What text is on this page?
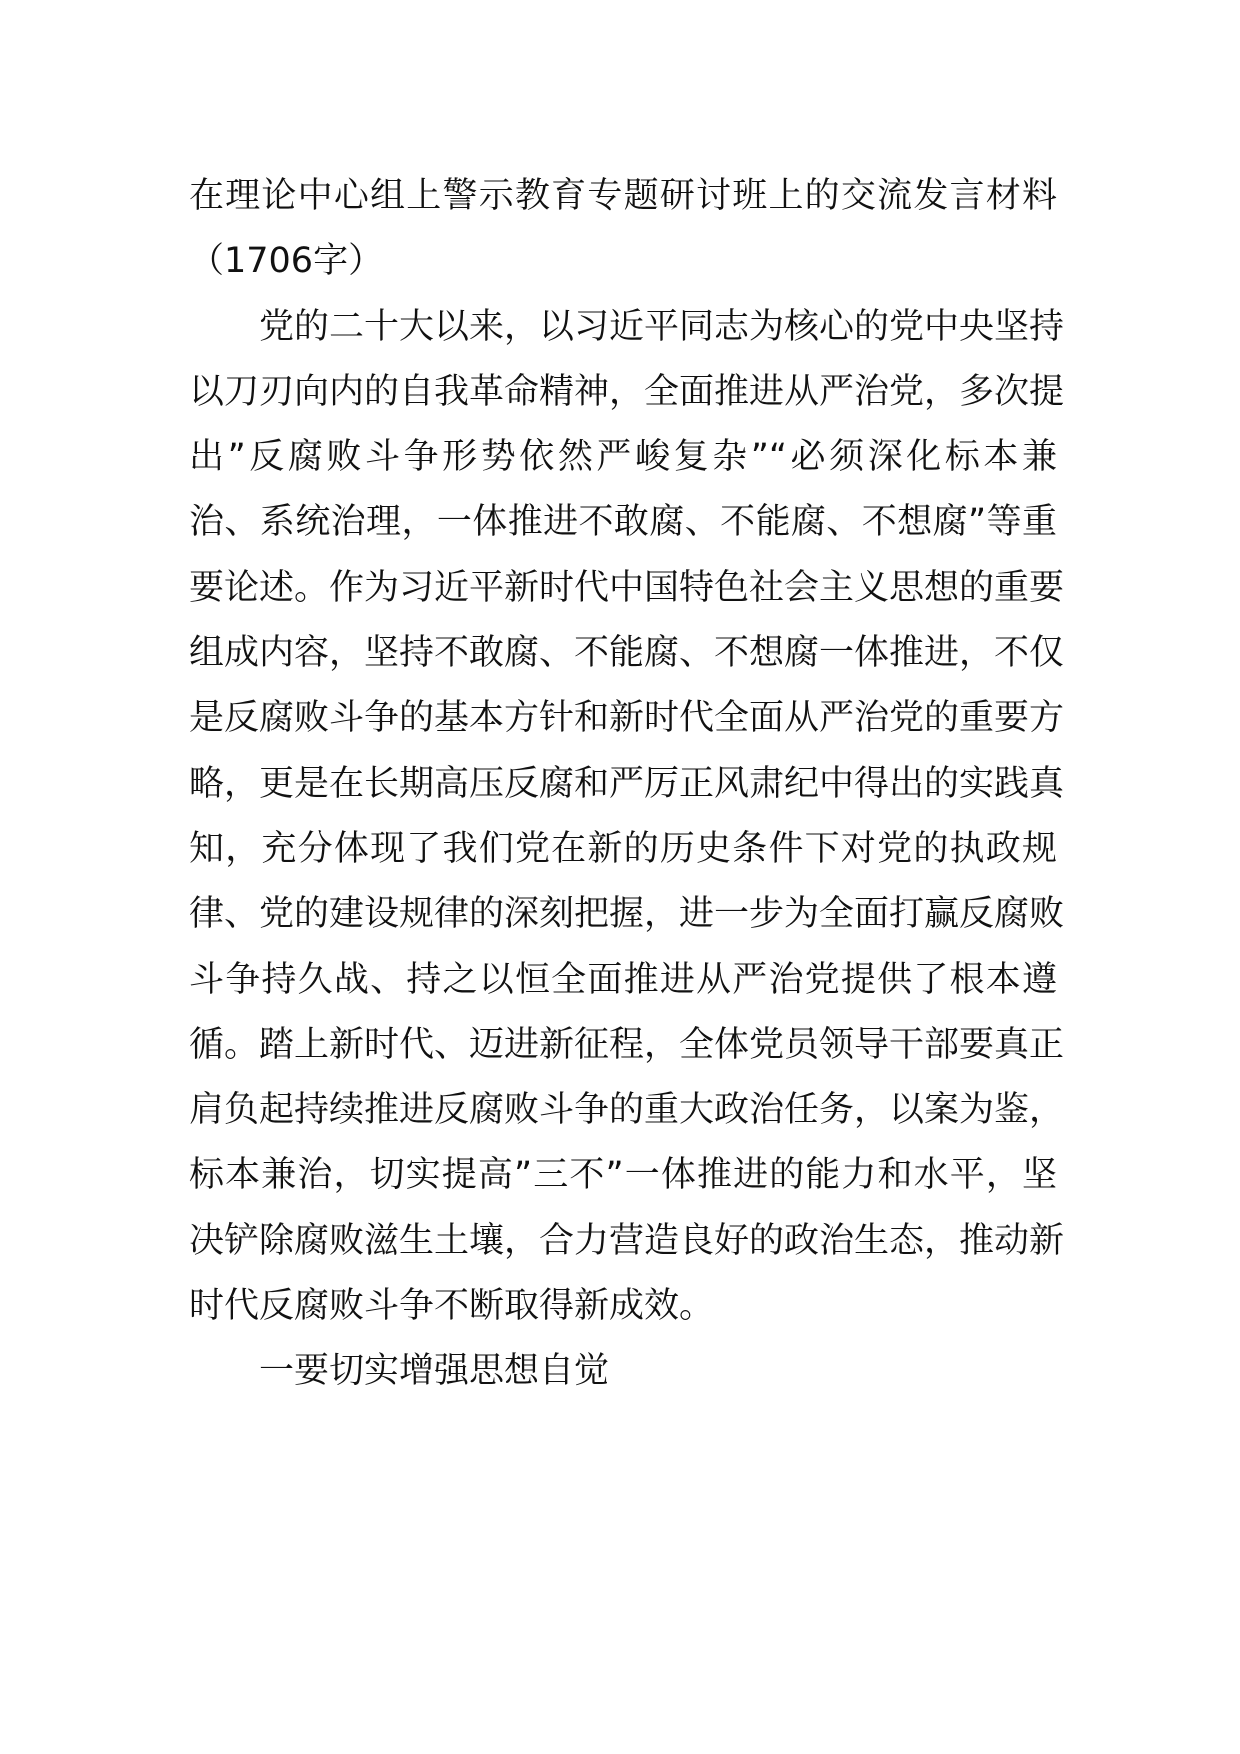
在理论中心组上警示教育专题研讨班上的交流发言材料
（1706字）
党的二十大以来，以习近平同志为核心的党中央坚持
以刀刃向内的自我革命精神，全面推进从严治党，多次提
出”反腐败斗争形势依然严峻复杂”“必须深化标本兼
治、系统治理，一体推进不敢腐、不能腐、不想腐”等重
要论述。作为习近平新时代中国特色社会主义思想的重要
组成内容，坚持不敢腐、不能腐、不想腐一体推进，不仅
是反腐败斗争的基本方针和新时代全面从严治党的重要方
略，更是在长期高压反腐和严厉正风肃纪中得出的实践真
知，充分体现了我们党在新的历史条件下对党的执政规
律、党的建设规律的深刻把握，进一步为全面打赢反腐败
斗争持久战、持之以恒全面推进从严治党提供了根本遵
循。踏上新时代、迈进新征程，全体党员领导干部要真正
肩负起持续推进反腐败斗争的重大政治任务，以案为鉴，
标本兼治，切实提高”三不”一体推进的能力和水平，坚
决铲除腐败滋生土壤，合力营造良好的政治生态，推动新
时代反腐败斗争不断取得新成效。
一要切实增强思想自觉
